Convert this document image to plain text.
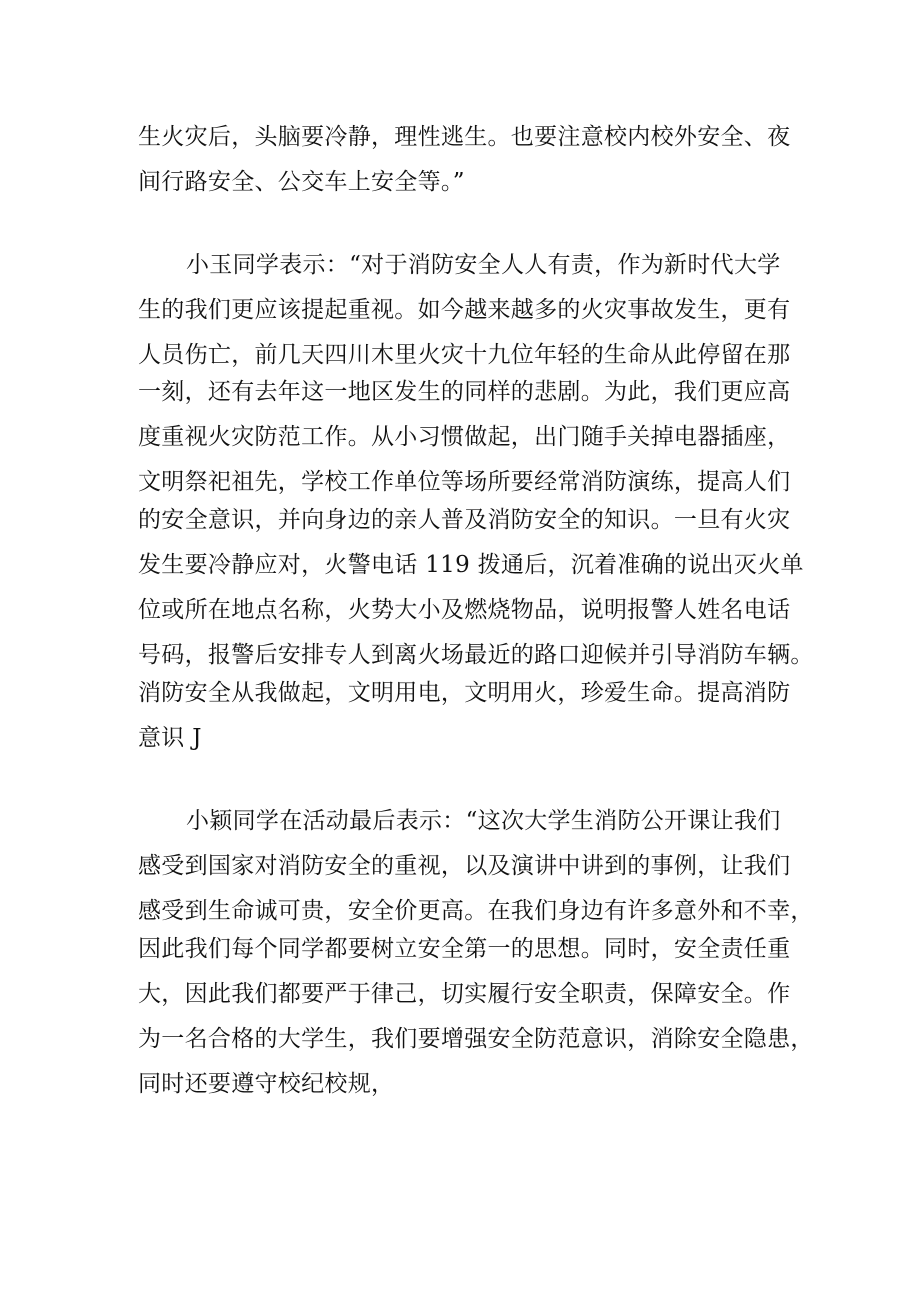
生火灾后，头脑要冷静，理性逃生。也要注意校内校外安全、夜
间行路安全、公交车上安全等。”
小玉同学表示：“对于消防安全人人有责，作为新时代大学
生的我们更应该提起重视。如今越来越多的火灾事故发生，更有
人员伤亡，前几天四川木里火灾十九位年轻的生命从此停留在那
一刻，还有去年这一地区发生的同样的悲剧。为此，我们更应高
度重视火灾防范工作。从小习惯做起，出门随手关掉电器插座，
文明祭祀祖先，学校工作单位等场所要经常消防演练，提高人们
的安全意识，并向身边的亲人普及消防安全的知识。一旦有火灾
发生要冷静应对，火警电话 119 拨通后，沉着准确的说出灭火单
位或所在地点名称，火势大小及燃烧物品，说明报警人姓名电话
号码，报警后安排专人到离火场最近的路口迎候并引导消防车辆。
消防安全从我做起，文明用电，文明用火，珍爱生命。提高消防
意识 J
小颖同学在活动最后表示：“这次大学生消防公开课让我们
感受到国家对消防安全的重视，以及演讲中讲到的事例，让我们
感受到生命诚可贵，安全价更高。在我们身边有许多意外和不幸，
因此我们每个同学都要树立安全第一的思想。同时，安全责任重
大，因此我们都要严于律己，切实履行安全职责，保障安全。作
为一名合格的大学生，我们要增强安全防范意识，消除安全隐患，
同时还要遵守校纪校规，
